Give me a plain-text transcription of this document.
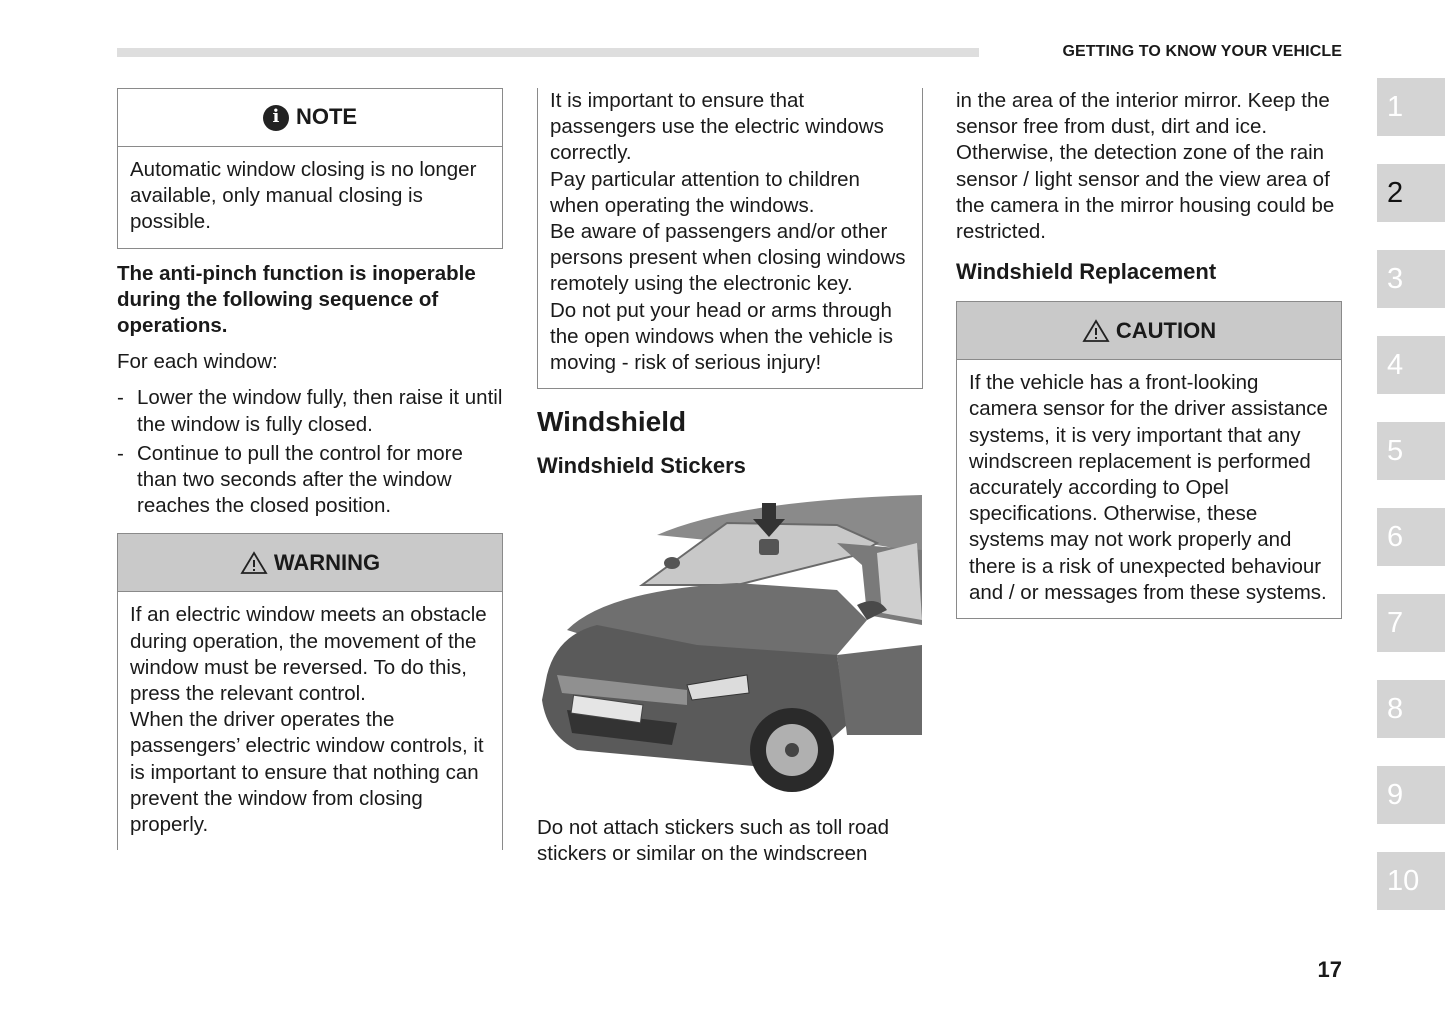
GETTING TO KNOW YOUR VEHICLE
i NOTE
Automatic window closing is no longer available, only manual closing is possible.

The anti-pinch function is inoperable during the following sequence of operations.

For each window:

- Lower the window fully, then raise it until the window is fully closed.
- Continue to pull the control for more than two seconds after the window reaches the closed position.
WARNING
If an electric window meets an obstacle during operation, the movement of the window must be reversed. To do this, press the relevant control.
When the driver operates the passengers’ electric window controls, it is important to ensure that nothing can prevent the window from closing properly.
It is important to ensure that passengers use the electric windows correctly.
Pay particular attention to children when operating the windows.
Be aware of passengers and/or other persons present when closing windows remotely using the electronic key.
Do not put your head or arms through the open windows when the vehicle is moving - risk of serious injury!
Windshield
Windshield Stickers
Do not attach stickers such as toll road stickers or similar on the windscreen
in the area of the interior mirror. Keep the sensor free from dust, dirt and ice. Otherwise, the detection zone of the rain sensor / light sensor and the view area of the camera in the mirror housing could be restricted.
Windshield Replacement
CAUTION
If the vehicle has a front-looking camera sensor for the driver assistance systems, it is very important that any windscreen replacement is performed accurately according to Opel specifications. Otherwise, these systems may not work properly and there is a risk of unexpected behaviour and / or messages from these systems.
1
2
3
4
5
6
7
8
9
10
17
